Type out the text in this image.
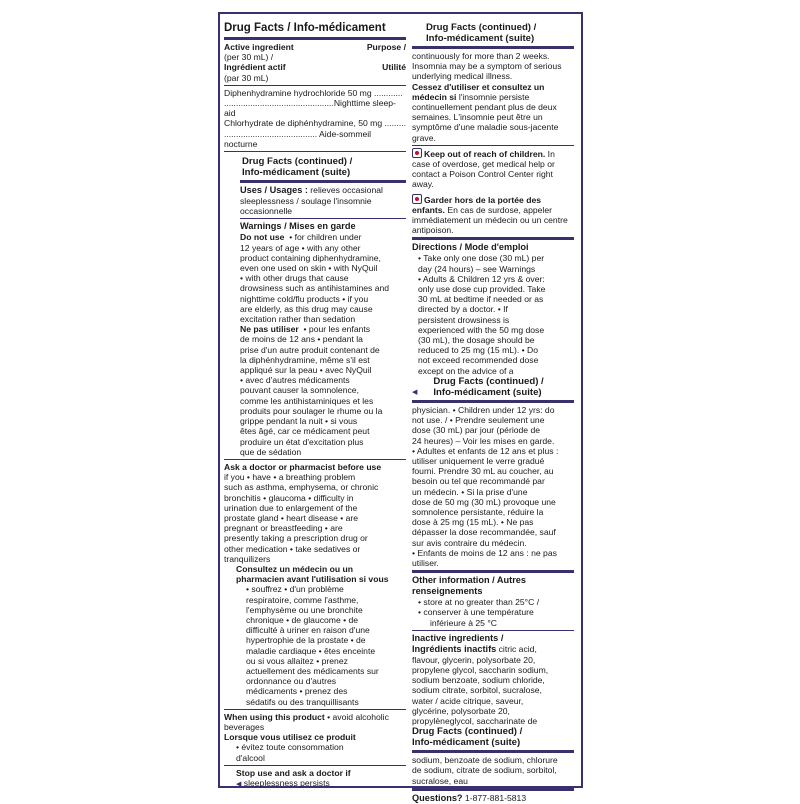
Drug Facts / Info-médicament
Active ingredient	Purpose /

(per 30 mL) /

Ingrédient actif	Utilité

(par 30 mL)

Diphenhydramine hydrochloride 50 mg ............

..............................................Nighttime sleep-aid

Chlorhydrate de diphénhydramine, 50 mg .........

....................................... Aide-sommeil nocturne

Drug Facts (continued) /
Info-médicament (suite)

Uses / Usages : relieves occasional sleeplessness / soulage l'insomnie occasionnelle

Warnings / Mises en garde

Do not use • for children under

12 years of age • with any other

product containing diphenhydramine,

even one used on skin • with NyQuil

• with other drugs that cause

drowsiness such as antihistamines and

nighttime cold/flu products • if you

are elderly, as this drug may cause

excitation rather than sedation

Ne pas utiliser • pour les enfants

de moins de 12 ans • pendant la

prise d'un autre produit contenant de

la diphénhydramine, même s'il est

appliqué sur la peau • avec NyQuil

• avec d'autres médicaments

pouvant causer la somnolence,

comme les antihistaminiques et les

produits pour soulager le rhume ou la

grippe pendant la nuit • si vous

êtes âgé, car ce médicament peut

produire un état d'excitation plus

que de sédation

Ask a doctor or pharmacist before use

if you • have • a breathing problem

such as asthma, emphysema, or chronic

bronchitis • glaucoma • difficulty in

urination due to enlargement of the

prostate gland • heart disease • are

pregnant or breastfeeding • are

presently taking a prescription drug or

other medication • take sedatives or

tranquilizers

Consultez un médecin ou un
pharmacien avant l'utilisation si vous

• souffrez • d'un problème

respiratoire, comme l'asthme,

l'emphysème ou une bronchite

chronique • de glaucome • de

difficulté à uriner en raison d'une

hypertrophie de la prostate • de

maladie cardiaque • êtes enceinte

ou si vous allaitez • prenez

actuellement des médicaments sur

ordonnance ou d'autres

médicaments • prenez des

sédatifs ou des tranquillisants

When using this product • avoid alcoholic beverages

Lorsque vous utilisez ce produit

• évitez toute consommation

d'alcool

Stop use and ask a doctor if

◀ sleeplessness persists

Drug Facts (continued) /
Info-médicament (suite)

continuously for more than 2 weeks.

Insomnia may be a symptom of serious

underlying medical illness.

Cessez d'utiliser et consultez un médecin si l'insomnie persiste continuellement pendant plus de deux semaines. L'insomnie peut être un symptôme d'une maladie sous-jacente grave.

Keep out of reach of children. In case of overdose, get medical help or contact a Poison Control Center right away.

Garder hors de la portée des enfants. En cas de surdose, appeler immédiatement un médecin ou un centre antipoison.

Directions / Mode d'emploi

• Take only one dose (30 mL) per

day (24 hours) – see Warnings

• Adults & Children 12 yrs & over:

only use dose cup provided. Take

30 mL at bedtime if needed or as

directed by a doctor. • If

persistent drowsiness is

experienced with the 50 mg dose

(30 mL), the dosage should be

reduced to 25 mg (15 mL). • Do

not exceed recommended dose

except on the advice of a

◀
Drug Facts (continued) /
Info-médicament (suite)

physician. • Children under 12 yrs: do

not use. / • Prendre seulement une

dose (30 mL) par jour (période de

24 heures) – Voir les mises en garde.

• Adultes et enfants de 12 ans et plus :

utiliser uniquement le verre gradué

fourni. Prendre 30 mL au coucher, au

besoin ou tel que recommandé par

un médecin. • Si la prise d'une

dose de 50 mg (30 mL) provoque une

somnolence persistante, réduire la

dose à 25 mg (15 mL). • Ne pas

dépasser la dose recommandée, sauf

sur avis contraire du médecin.

• Enfants de moins de 12 ans : ne pas

utiliser.

Other information / Autres
renseignements

• store at no greater than 25°C /

• conserver à une température

inférieure à 25 °C

Inactive ingredients /

Ingrédients inactifs citric acid,

flavour, glycerin, polysorbate 20,

propylene glycol, saccharin sodium,

sodium benzoate, sodium chloride,

sodium citrate, sorbitol, sucralose,

water / acide citrique, saveur,

glycérine, polysorbate 20,

propylèneglycol, saccharinate de

Drug Facts (continued) /
Info-médicament (suite)

sodium, benzoate de sodium, chlorure

de sodium, citrate de sodium, sorbitol,

sucralose, eau

Questions? 1-877-881-5813
